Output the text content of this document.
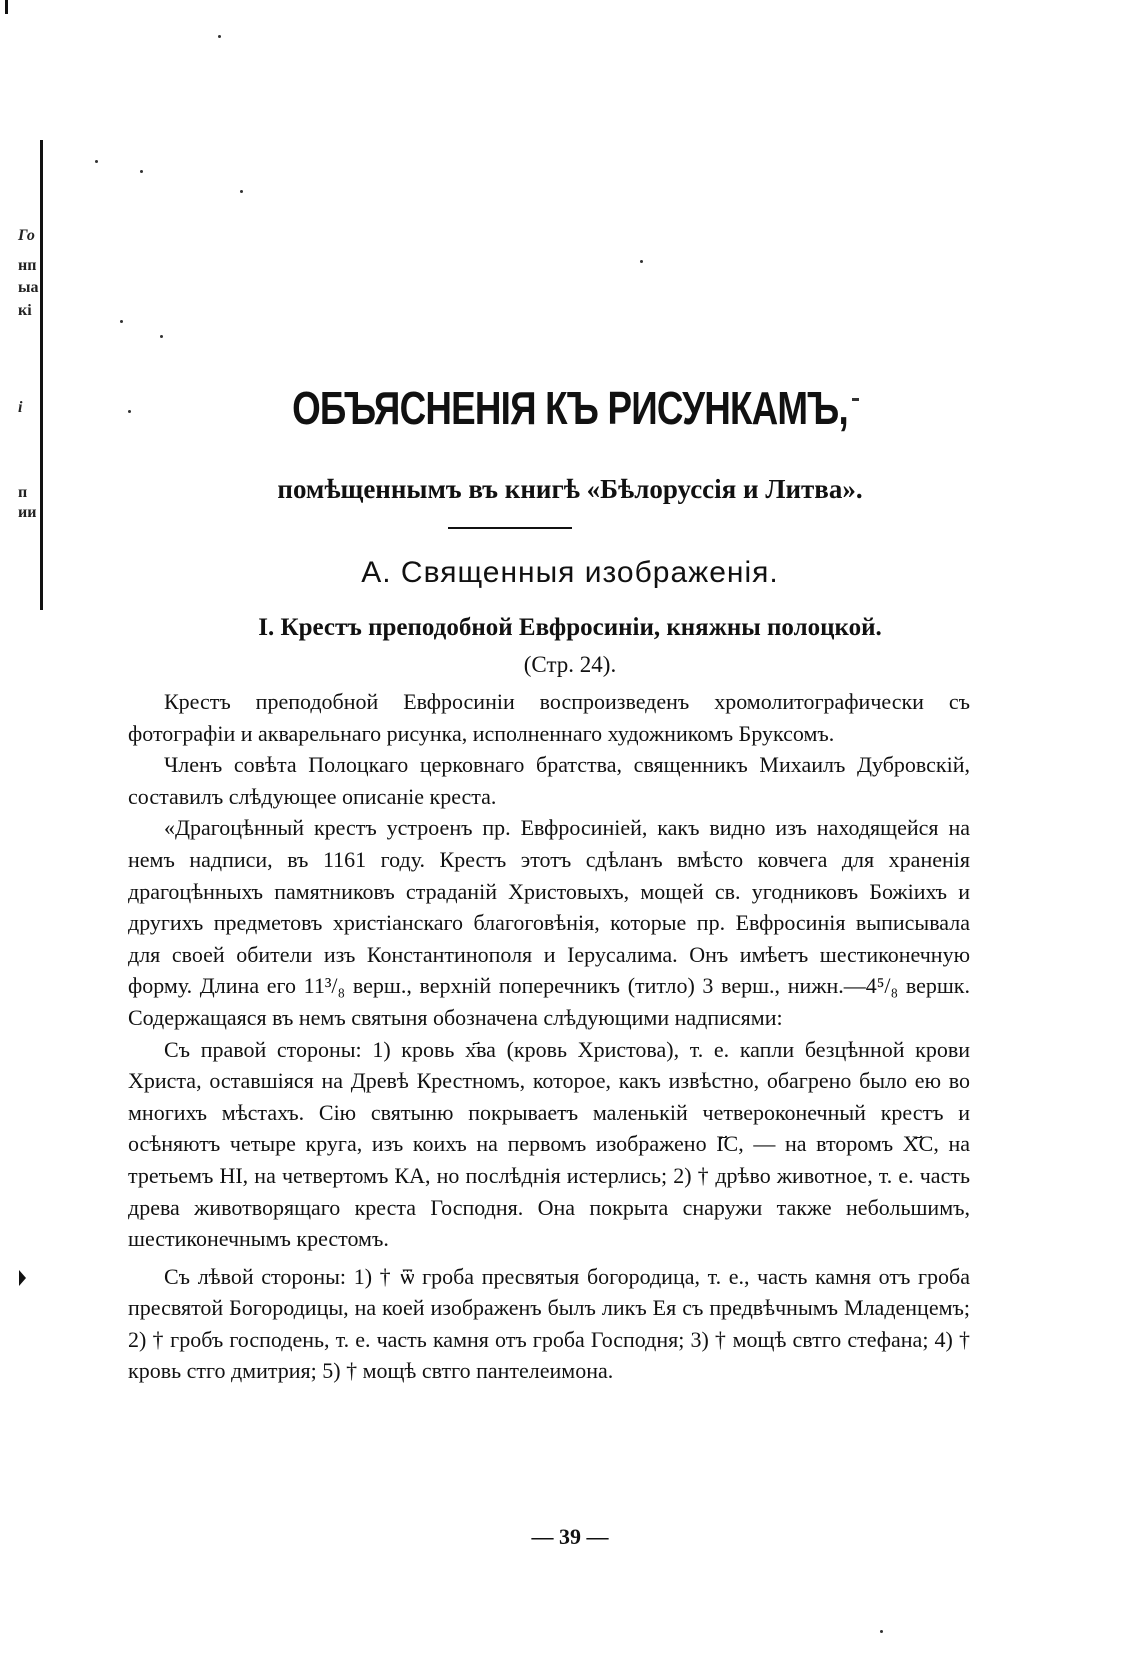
Го
нп
ыа
кі
і
п
ии
ОБЪЯСНЕНІЯ КЪ РИСУНКАМЪ,
помѣщеннымъ въ книгѣ «Бѣлоруссія и Литва».
А. Священныя изображенія.
I. Крестъ преподобной Евфросиніи, княжны полоцкой.
(Стр. 24).

Крестъ преподобной Евфросиніи воспроизведенъ хромолитографически съ фотографіи и акварельнаго рисунка, исполненнаго художникомъ Бруксомъ.

Членъ совѣта Полоцкаго церковнаго братства, священникъ Михаилъ Дубровскій, составилъ слѣдующее описаніе креста.

«Драгоцѣнный крестъ устроенъ пр. Евфросиніей, какъ видно изъ находящейся на немъ надписи, въ 1161 году. Крестъ этотъ сдѣланъ вмѣсто ковчега для храненія драгоцѣнныхъ памятниковъ страданій Христовыхъ, мощей св. угодниковъ Божіихъ и другихъ предметовъ христіанскаго благоговѣнія, которые пр. Евфросинія выписывала для своей обители изъ Константинополя и Іерусалима. Онъ имѣетъ шестиконечную форму. Длина его 11³/₈ верш., верхній поперечникъ (титло) 3 верш., нижн.—4⁵/₈ вершк. Содержащаяся въ немъ святыня обозначена слѣдующими надписями:

Съ правой стороны: 1) кровь х҃ва (кровь Христова), т. е. капли безцѣнной крови Христа, оставшіяся на Древѣ Крестномъ, которое, какъ извѣстно, обагрено было ею во многихъ мѣстахъ. Сію святыню покрываетъ маленькій четвероконечный крестъ и осѣняютъ четыре круга, изъ коихъ на первомъ изображено І҃С, — на второмъ Х҃С, на третьемъ НІ, на четвертомъ КА, но послѣднія истерлись; 2) † дрѣво животное, т. е. часть древа животворящаго креста Господня. Она покрыта снаружи также небольшимъ, шестиконечнымъ крестомъ.

Съ лѣвой стороны: 1) † ѿ гроба пресвятыя богородица, т. е., часть камня отъ гроба пресвятой Богородицы, на коей изображенъ былъ ликъ Ея съ предвѣчнымъ Младенцемъ; 2) † гробъ господень, т. е. часть камня отъ гроба Господня; 3) † мощѣ свтго стефана; 4) † кровь стго дмитрия; 5) † мощѣ свтго пантелеимона.

— 39 —
